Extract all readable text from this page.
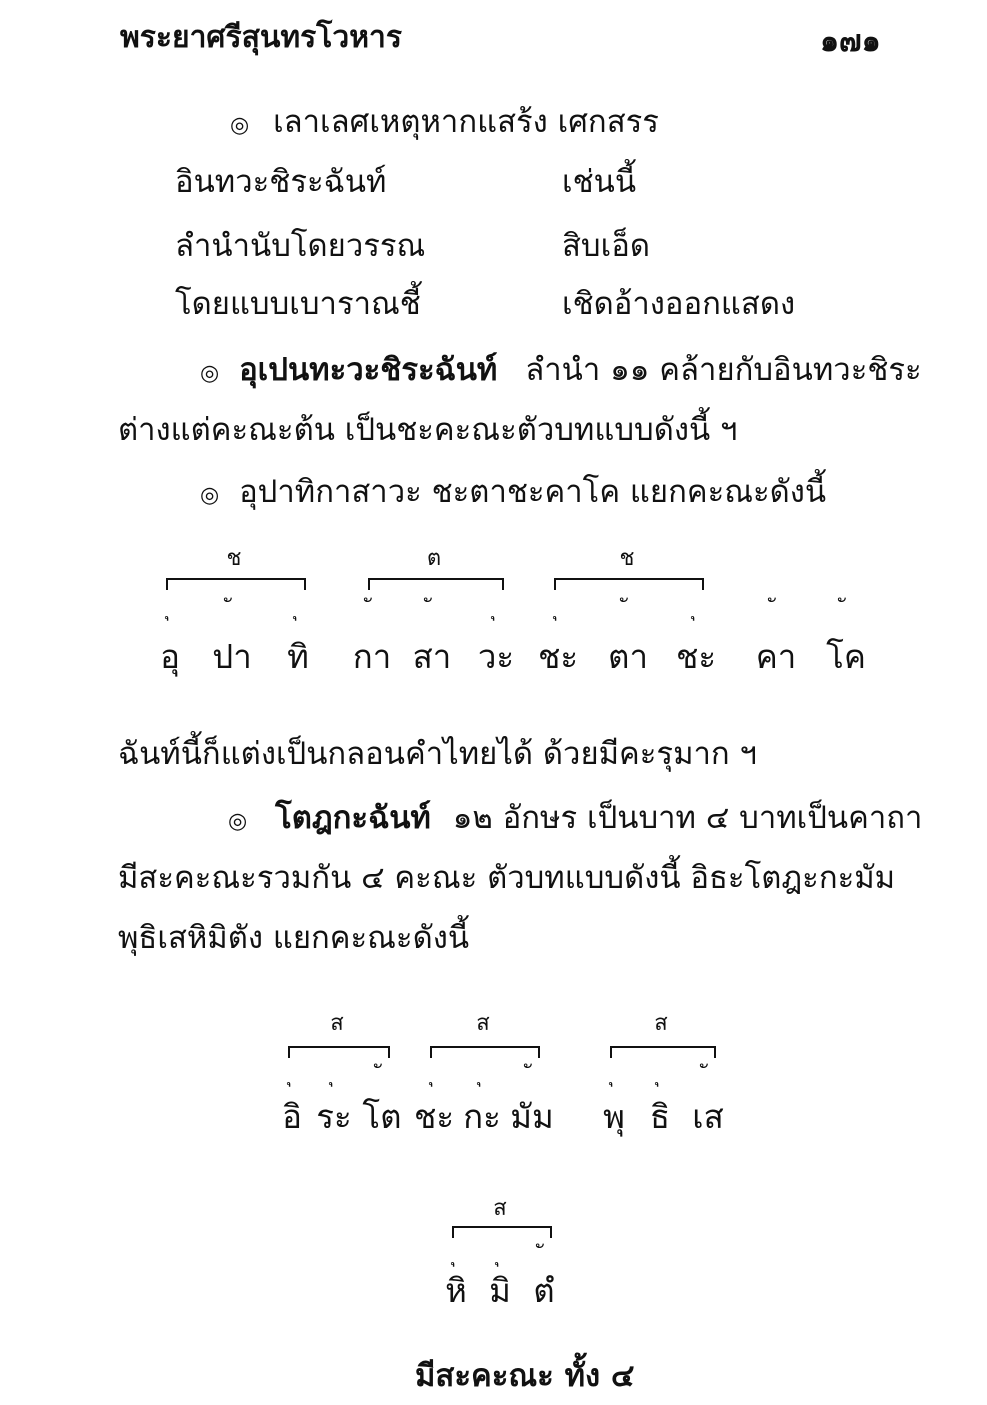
พระยาศรีสุนทรโวหาร	๑๗๑
◎ เลาเลศเหตุหากแสร้ง เศกสรร
อินทวะชิระฉันท์	เช่นนี้
ลำนำนับโดยวรรณ	สิบเอ็ด
โดยแบบเบาราณชี้	เชิดอ้างออกแสดง
◎ อุเปนทะวะชิระฉันท์ ลำนำ ๑๑ คล้ายกับอินทวะชิระ
ต่างแต่คะณะต้น เป็นชะคะณะตัวบทแบบดังนี้ ฯ
◎ อุปาทิกาสาวะ ชะตาชะคาโค แยกคะณะดังนี้
ช	ต	ช
อุ ปา ทิ กา สา วะ ชะ ตา ชะ คา โค
ฉันท์นี้ก็แต่งเป็นกลอนคำไทยได้ ด้วยมีคะรุมาก ฯ
◎ โตฎกะฉันท์ ๑๒ อักษร เป็นบาท ๔ บาทเป็นคาถา
มีสะคะณะรวมกัน ๔ คะณะ ตัวบทแบบดังนี้ อิธะโตฎะกะมัม
พุธิเสหิมิตัง แยกคะณะดังนี้
ส	ส	ส
อิ ระ โต ชะ กะ มัม พุ ธิ เส
ส
หิ มิ ตํ
มีสะคะณะ ทั้ง ๔
